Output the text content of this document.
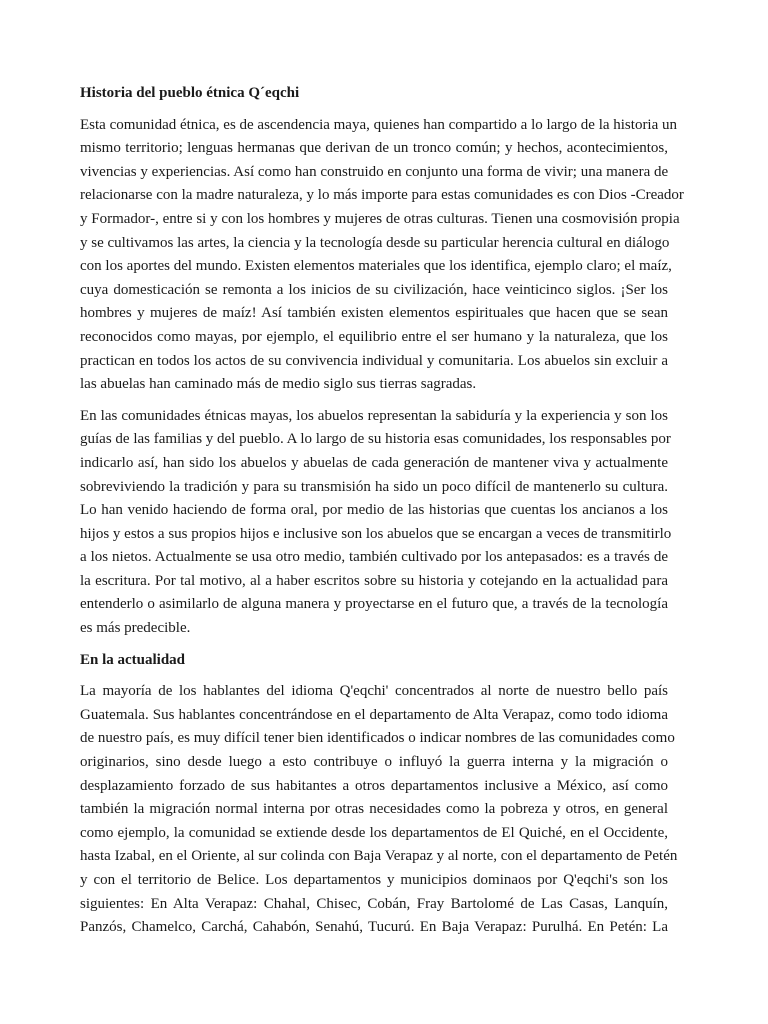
Historia del pueblo étnica Q´eqchi
Esta comunidad étnica, es de ascendencia maya, quienes han compartido a lo largo de la historia un
mismo territorio; lenguas hermanas que derivan de un tronco común; y hechos, acontecimientos,
vivencias y experiencias. Así como han construido en conjunto una forma de vivir; una manera de
relacionarse con la madre naturaleza, y lo más importe para estas comunidades es con Dios -Creador
y Formador-, entre si y con los hombres y mujeres de otras culturas. Tienen una cosmovisión propia
y se cultivamos las artes, la ciencia y la tecnología desde su particular herencia cultural en diálogo
con los aportes del mundo. Existen elementos materiales que los identifica, ejemplo claro; el maíz,
cuya domesticación se remonta a los inicios de su civilización, hace veinticinco siglos. ¡Ser los
hombres y mujeres de maíz! Así también existen elementos espirituales que hacen que se sean
reconocidos como mayas, por ejemplo, el equilibrio entre el ser humano y la naturaleza, que los
practican en todos los actos de su convivencia individual y comunitaria. Los abuelos sin excluir a
las abuelas han caminado más de medio siglo sus tierras sagradas.
En las comunidades étnicas mayas, los abuelos representan la sabiduría y la experiencia y son los
guías de las familias y del pueblo. A lo largo de su historia esas comunidades, los responsables por
indicarlo así, han sido los abuelos y abuelas de cada generación de mantener viva y actualmente
sobreviviendo la tradición y para su transmisión ha sido un poco difícil de mantenerlo su cultura.
Lo han venido haciendo de forma oral, por medio de las historias que cuentas los ancianos a los
hijos y estos a sus propios hijos e inclusive son los abuelos que se encargan a veces de transmitirlo
a los nietos. Actualmente se usa otro medio, también cultivado por los antepasados: es a través de
la escritura. Por tal motivo, al a haber escritos sobre su historia y cotejando en la actualidad para
entenderlo o asimilarlo de alguna manera y proyectarse en el futuro que, a través de la tecnología
es más predecible.
En la actualidad
La mayoría de los hablantes del idioma Q'eqchi' concentrados al norte de nuestro bello país
Guatemala. Sus hablantes concentrándose en el departamento de Alta Verapaz, como todo idioma
de nuestro país, es muy difícil tener bien identificados o indicar nombres de las comunidades como
originarios, sino desde luego a esto contribuye o influyó la guerra interna y la migración o
desplazamiento forzado de sus habitantes a otros departamentos inclusive a México, así como
también la migración normal interna por otras necesidades como la pobreza y otros, en general
como ejemplo, la comunidad se extiende desde los departamentos de El Quiché, en el Occidente,
hasta Izabal, en el Oriente, al sur colinda con Baja Verapaz y al norte, con el departamento de Petén
y con el territorio de Belice. Los departamentos y municipios dominaos por Q'eqchi's son los
siguientes: En Alta Verapaz: Chahal, Chisec, Cobán, Fray Bartolomé de Las Casas, Lanquín,
Panzós, Chamelco, Carchá, Cahabón, Senahú, Tucurú. En Baja Verapaz: Purulhá. En Petén: La
